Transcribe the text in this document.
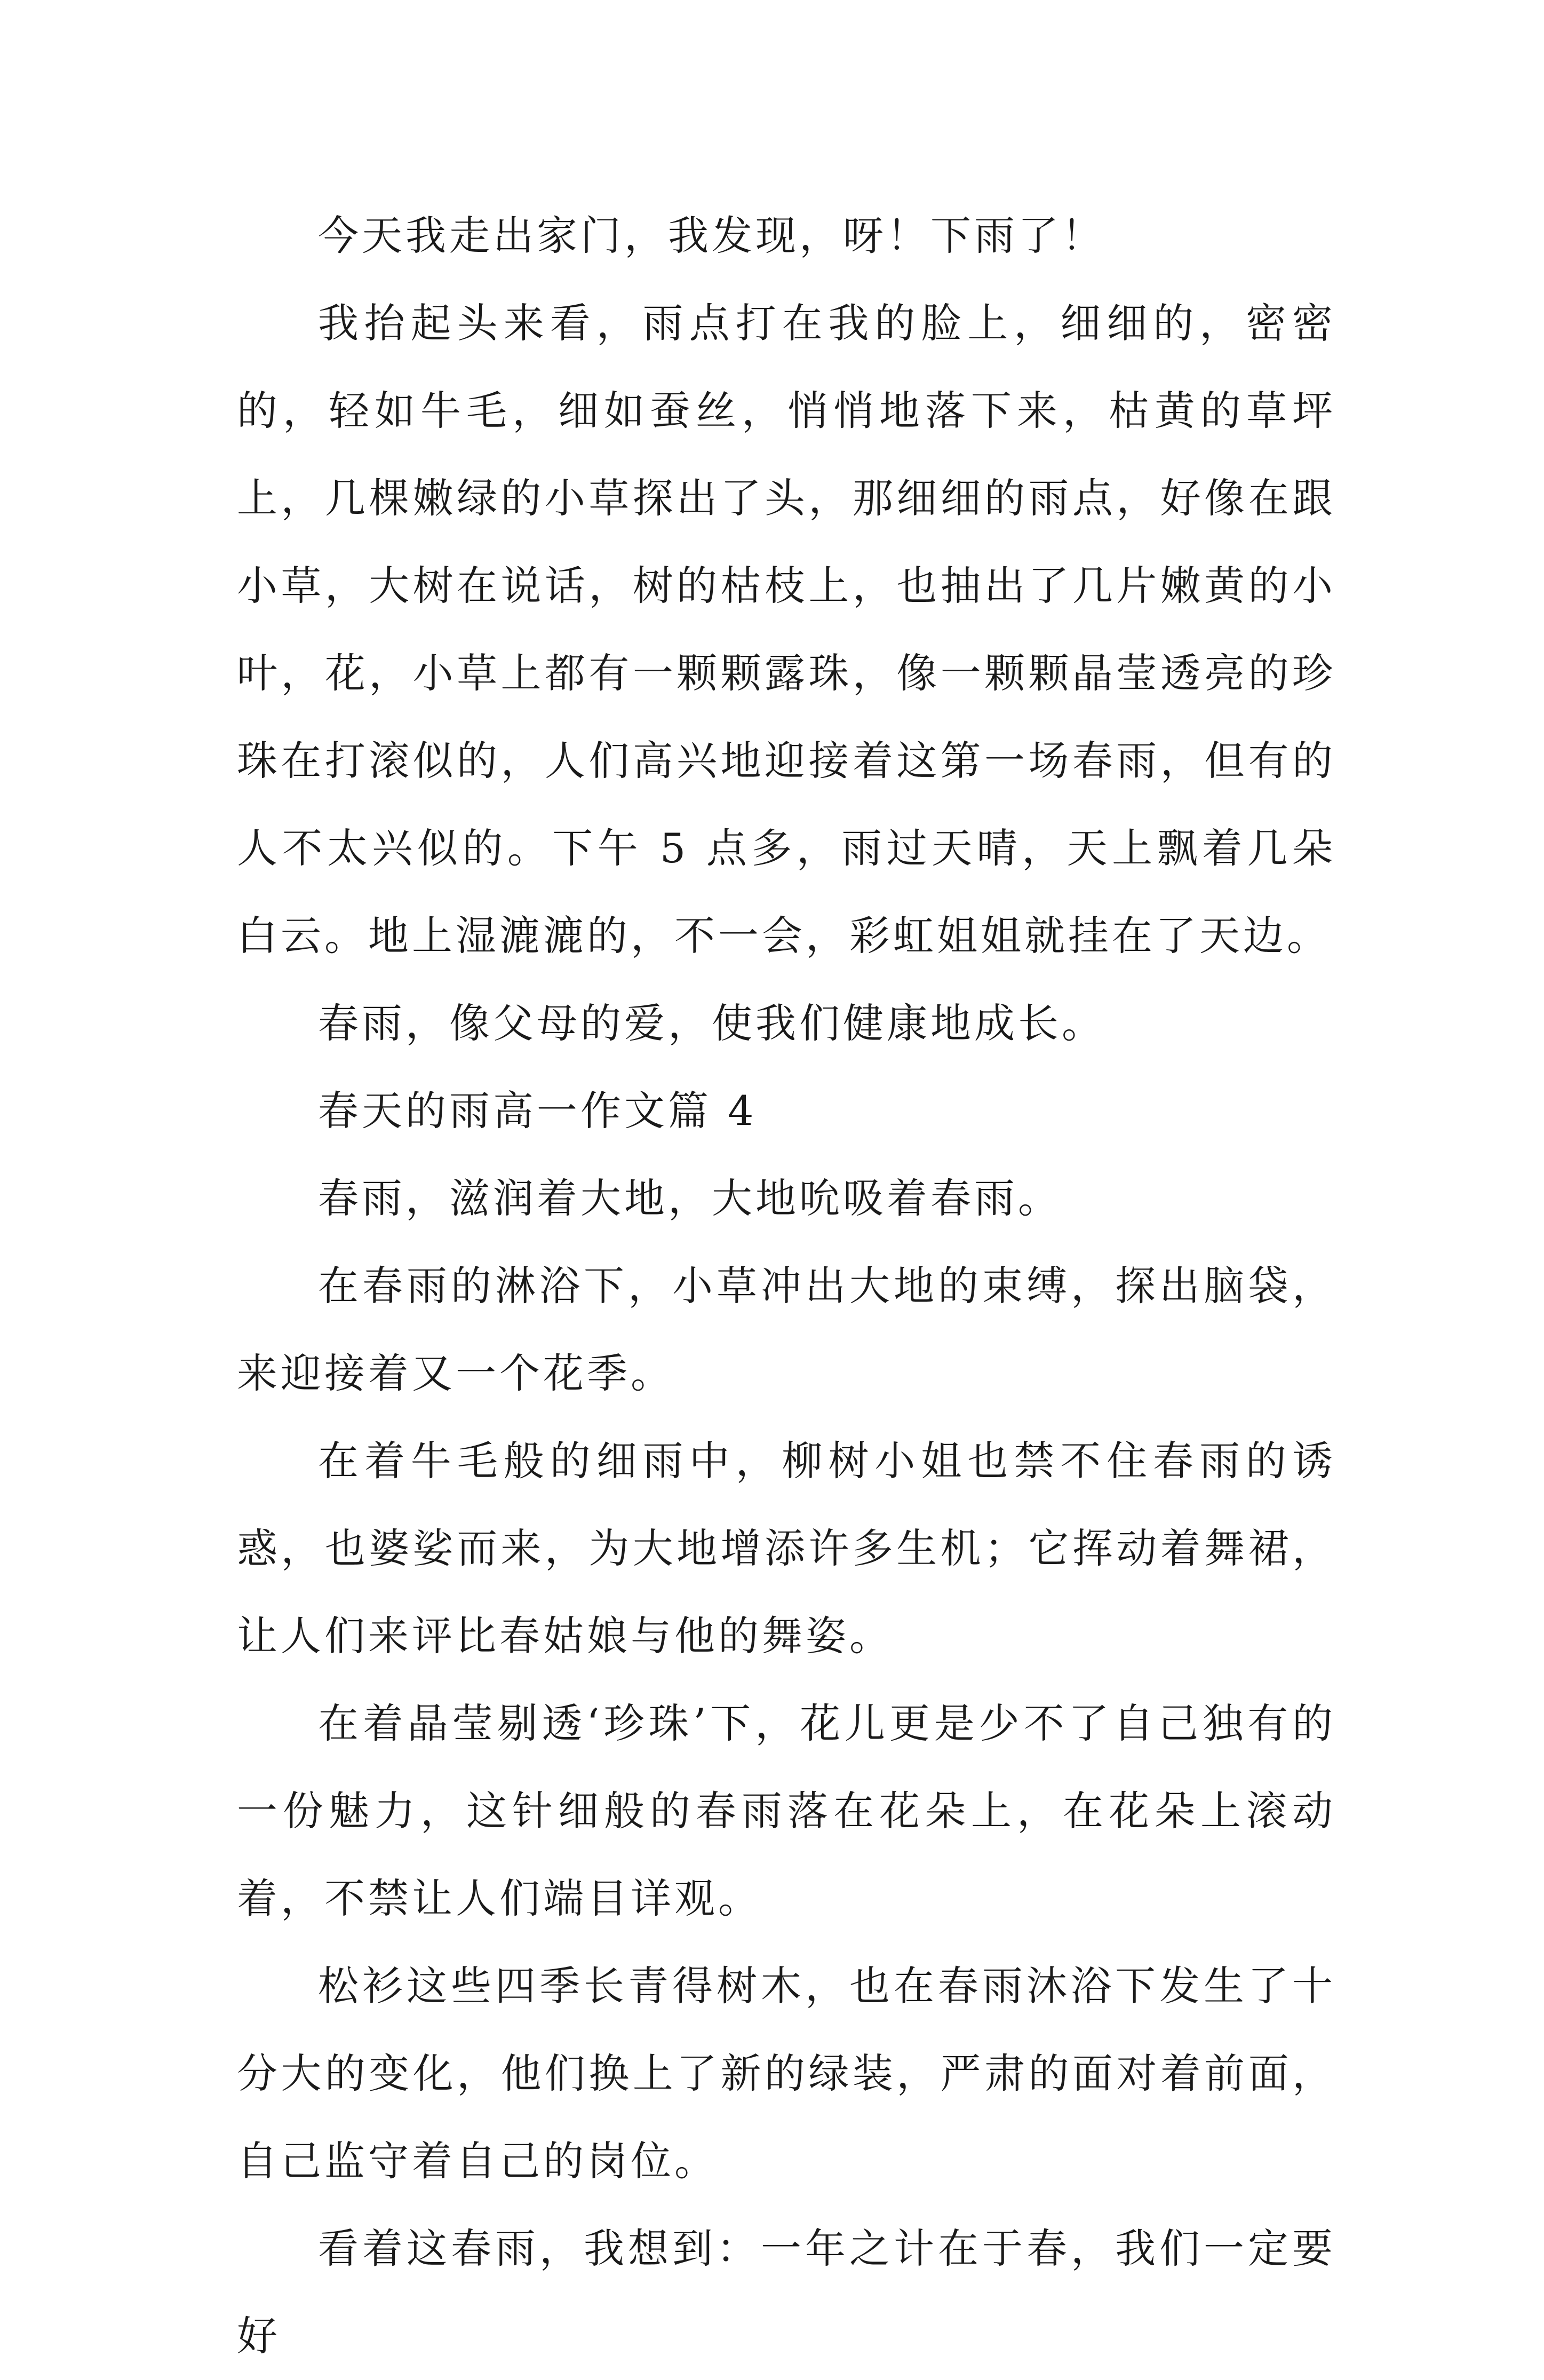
今天我走出家门，我发现，呀！下雨了！

我抬起头来看，雨点打在我的脸上，细细的，密密的，轻如牛毛，细如蚕丝，悄悄地落下来，枯黄的草坪上，几棵嫩绿的小草探出了头，那细细的雨点，好像在跟小草，大树在说话，树的枯枝上，也抽出了几片嫩黄的小叶，花，小草上都有一颗颗露珠，像一颗颗晶莹透亮的珍珠在打滚似的，人们高兴地迎接着这第一场春雨，但有的人不太兴似的。下午 5 点多，雨过天晴，天上飘着几朵白云。地上湿漉漉的，不一会，彩虹姐姐就挂在了天边。

春雨，像父母的爱，使我们健康地成长。

春天的雨高一作文篇 4

春雨，滋润着大地，大地吮吸着春雨。

在春雨的淋浴下，小草冲出大地的束缚，探出脑袋，来迎接着又一个花季。

在着牛毛般的细雨中，柳树小姐也禁不住春雨的诱惑，也婆娑而来，为大地增添许多生机；它挥动着舞裙，让人们来评比春姑娘与他的舞姿。

在着晶莹剔透‘珍珠’下，花儿更是少不了自己独有的一份魅力，这针细般的春雨落在花朵上，在花朵上滚动着，不禁让人们端目详观。

松衫这些四季长青得树木，也在春雨沐浴下发生了十分大的变化，他们换上了新的绿装，严肃的面对着前面，自己监守着自己的岗位。

看着这春雨，我想到：一年之计在于春，我们一定要好
